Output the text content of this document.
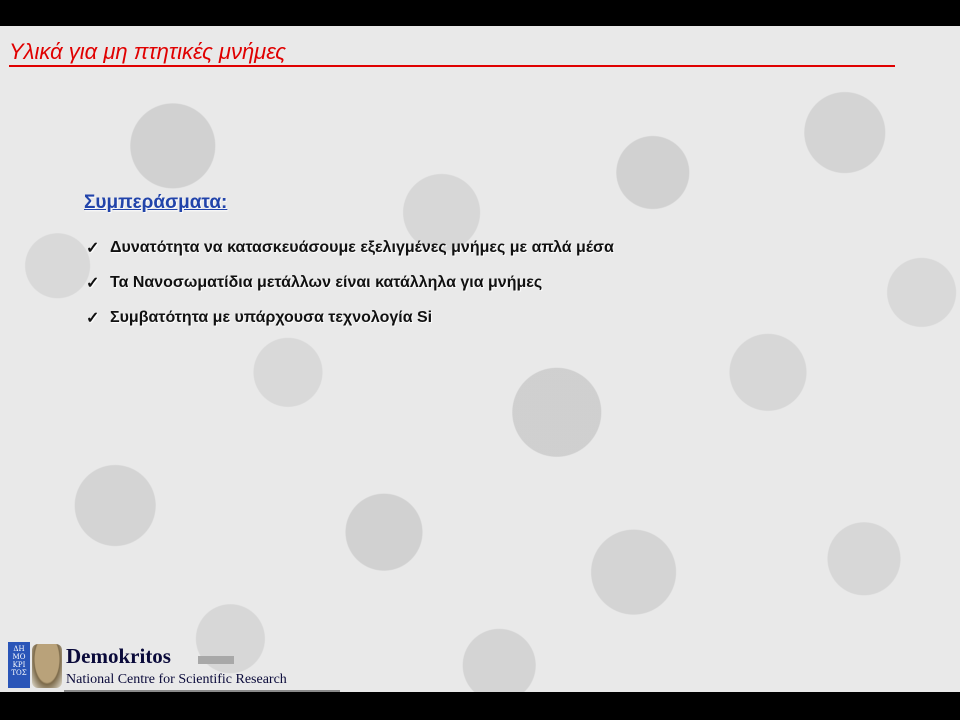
Υλικά για μη πτητικές μνήμες
Συμπεράσματα:
✓ Δυνατότητα να κατασκευάσουμε εξελιγμένες μνήμες με απλά μέσα
✓ Τα Νανοσωματίδια μετάλλων είναι κατάλληλα για μνήμες
✓ Συμβατότητα με υπάρχουσα τεχνολογία Si
ΔΗ ΜΟ ΚΡΙ ΤΟΣ
Demokritos
National Centre for Scientific Research
